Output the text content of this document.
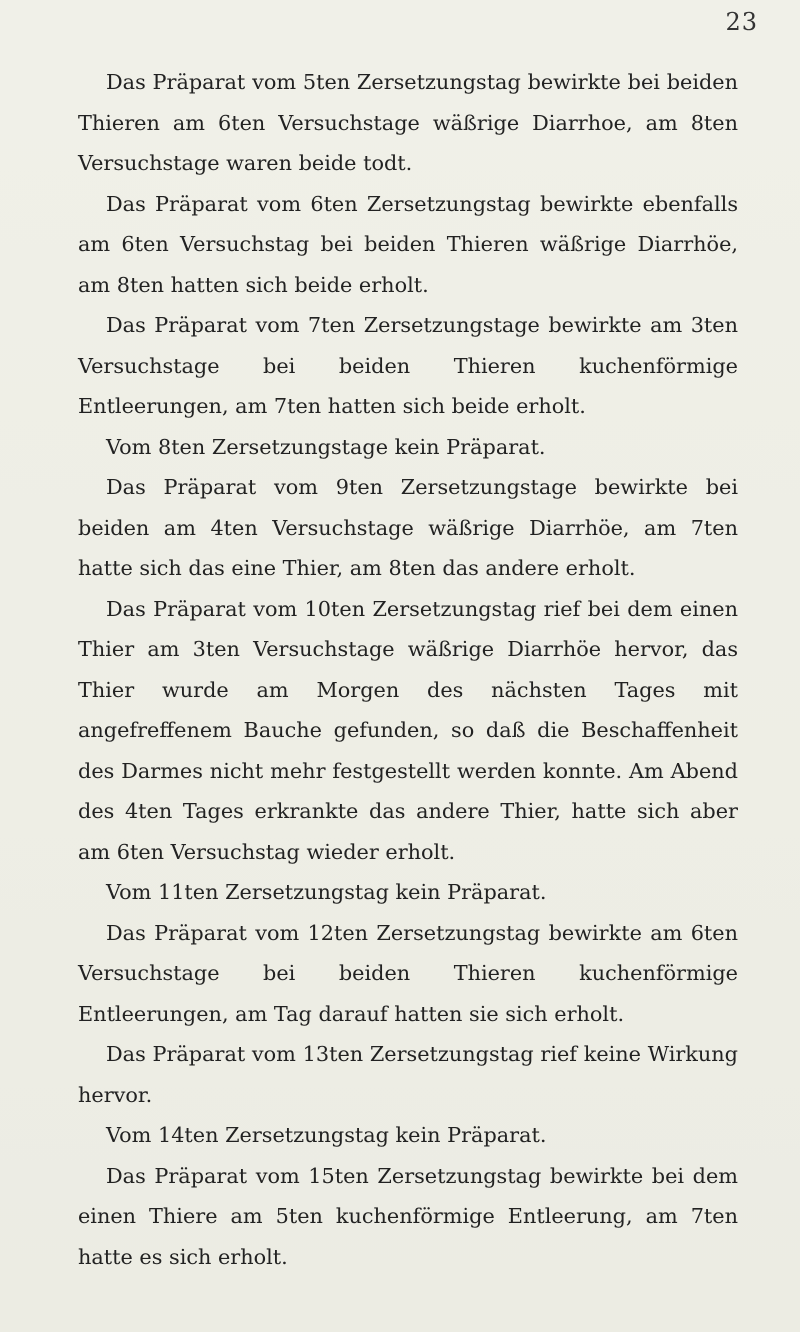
23

Das Präparat vom 5ten Zersetzungstag bewirkte bei beiden Thieren am 6ten Versuchstage wäßrige Diarrhoe, am 8ten Versuchstage waren beide todt.

Das Präparat vom 6ten Zersetzungstag bewirkte ebenfalls am 6ten Versuchstag bei beiden Thieren wäßrige Diarrhöe, am 8ten hatten sich beide erholt.

Das Präparat vom 7ten Zersetzungstage bewirkte am 3ten Versuchstage bei beiden Thieren kuchenförmige Entleerungen, am 7ten hatten sich beide erholt.

Vom 8ten Zersetzungstage kein Präparat.

Das Präparat vom 9ten Zersetzungstage bewirkte bei beiden am 4ten Versuchstage wäßrige Diarrhöe, am 7ten hatte sich das eine Thier, am 8ten das andere erholt.

Das Präparat vom 10ten Zersetzungstag rief bei dem einen Thier am 3ten Versuchstage wäßrige Diarrhöe hervor, das Thier wurde am Morgen des nächsten Tages mit angefreffenem Bauche gefunden, so daß die Beschaffenheit des Darmes nicht mehr festgestellt werden konnte. Am Abend des 4ten Tages erkrankte das andere Thier, hatte sich aber am 6ten Versuchstag wieder erholt.

Vom 11ten Zersetzungstag kein Präparat.

Das Präparat vom 12ten Zersetzungstag bewirkte am 6ten Versuchstage bei beiden Thieren kuchenförmige Entleerungen, am Tag darauf hatten sie sich erholt.

Das Präparat vom 13ten Zersetzungstag rief keine Wirkung hervor.

Vom 14ten Zersetzungstag kein Präparat.

Das Präparat vom 15ten Zersetzungstag bewirkte bei dem einen Thiere am 5ten kuchenförmige Entleerung, am 7ten hatte es sich erholt.
